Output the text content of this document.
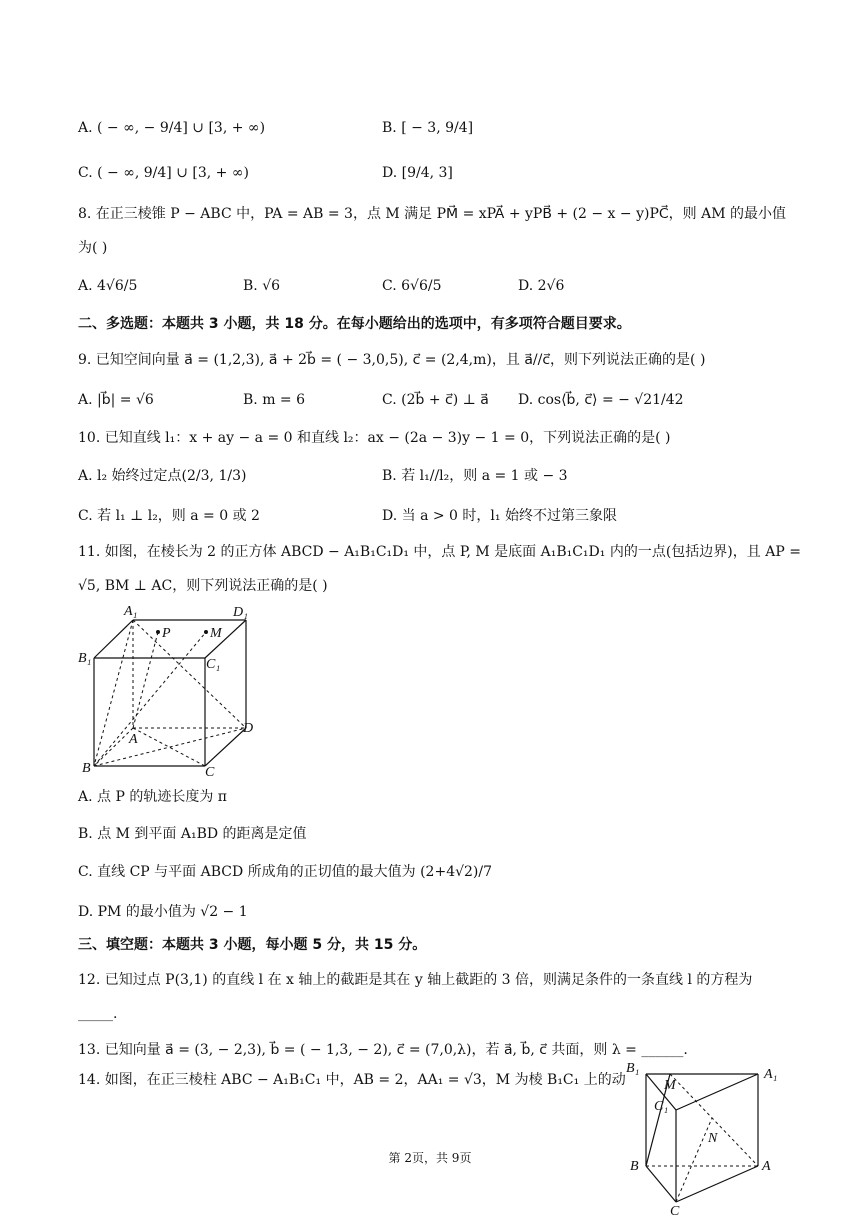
A. ( − ∞, − 9/4] ∪ [3, + ∞)	B. [ − 3, 9/4]
C. ( − ∞, 9/4] ∪ [3, + ∞)	D. [9/4, 3]
8. 在正三棱锥 P − ABC 中，PA = AB = 3，点 M 满足 PM⃗ = xPA⃗ + yPB⃗ + (2 − x − y)PC⃗，则 AM 的最小值
为( )
A. 4√6/5	B. √6	C. 6√6/5	D. 2√6
二、多选题：本题共 3 小题，共 18 分。在每小题给出的选项中，有多项符合题目要求。
9. 已知空间向量 a⃗ = (1,2,3), a⃗ + 2b⃗ = ( − 3,0,5), c⃗ = (2,4,m)，且 a⃗//c⃗，则下列说法正确的是( )
A. |b⃗| = √6	B. m = 6	C. (2b⃗ + c⃗) ⊥ a⃗ D. cos⟨b⃗, c⃗⟩ = − √21/42
10. 已知直线 l₁：x + ay − a = 0 和直线 l₂：ax − (2a − 3)y − 1 = 0，下列说法正确的是( )
A. l₂ 始终过定点(2/3, 1/3)	B. 若 l₁//l₂，则 a = 1 或 − 3
C. 若 l₁ ⊥ l₂，则 a = 0 或 2	D. 当 a > 0 时，l₁ 始终不过第三象限
11. 如图，在棱长为 2 的正方体 ABCD − A₁B₁C₁D₁ 中，点 P, M 是底面 A₁B₁C₁D₁ 内的一点(包括边界)，且 AP =
√5, BM ⊥ AC，则下列说法正确的是( )
A₁	D₁
B₁	C₁
P	M
A
B	C
D
A. 点 P 的轨迹长度为 π
B. 点 M 到平面 A₁BD 的距离是定值
C. 直线 CP 与平面 ABCD 所成角的正切值的最大值为 (2+4√2)/7
D. PM 的最小值为 √2 − 1
三、填空题：本题共 3 小题，每小题 5 分，共 15 分。
12. 已知过点 P(3,1) 的直线 l 在 x 轴上的截距是其在 y 轴上截距的 3 倍，则满足条件的一条直线 l 的方程为
_____.
13. 已知向量 a⃗ = (3, − 2,3), b⃗ = ( − 1,3, − 2), c⃗ = (7,0,λ)，若 a⃗, b⃗, c⃗ 共面，则 λ = ______.
14. 如图，在正三棱柱 ABC − A₁B₁C₁ 中，AB = 2，AA₁ = √3，M 为棱 B₁C₁ 上的动
B₁
M
A₁
C₁
N
B	A
C
第 2页，共 9页
